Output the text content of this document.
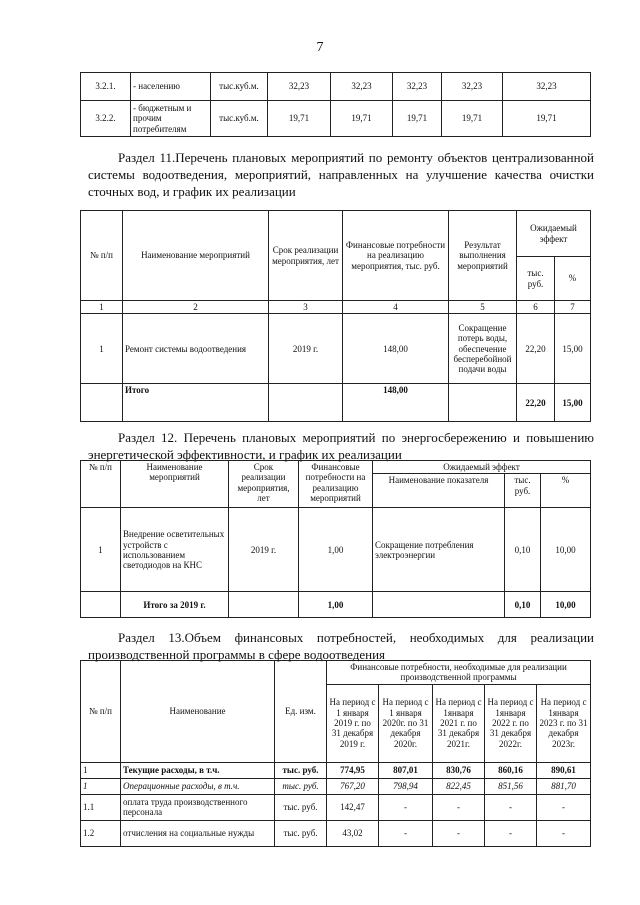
7
3.2.1.	- населению	тыс.куб.м.	32,23	32,23	32,23	32,23	32,23
3.2.2.	- бюджетным и прочим потребителям	тыс.куб.м.	19,71	19,71	19,71	19,71	19,71
Раздел 11.Перечень плановых мероприятий по ремонту объектов централизованной системы водоотведения, мероприятий, направленных на улучшение качества очистки сточных вод, и график их реализации
№ п/п	Наименование мероприятий	Срок реализации мероприятия, лет	Финансовые потребности на реализацию мероприятия, тыс. руб.	Результат выполнения мероприятий	Ожидаемый эффект	
					тыс. руб.	%
1	2	3	4	5	6	7
1	Ремонт системы водоотведения	2019 г.	148,00	Сокращение потерь воды, обеспечение бесперебойной подачи воды	22,20	15,00
	Итого		148,00		22,20	15,00
Раздел 12. Перечень плановых мероприятий по энергосбережению и повышению энергетической эффективности, и график их реализации
№ п/п	Наименование мероприятий	Срок реализации мероприятия, лет	Финансовые потребности на реализацию мероприятий	Ожидаемый эффект		
				Наименование показателя	тыс. руб.	%
1	Внедрение осветительных устройств с использованием светодиодов на КНС	2019 г.	1,00	Сокращение потребления электроэнергии	0,10	10,00
	Итого за 2019 г.		1,00		0,10	10,00
Раздел 13.Объем финансовых потребностей, необходимых для реализации производственной программы в сфере водоотведения
№ п/п	Наименование	Ед. изм.	Финансовые потребности, необходимые для реализации производственной программы				
			На период с 1 января 2019 г. по 31 декабря 2019 г.	На период с 1 января 2020г. по 31 декабря 2020г.	На период с 1января 2021 г. по 31 декабря 2021г.	На период с 1января 2022 г. по 31 декабря 2022г.	На период с 1января 2023 г. по 31 декабря 2023г.
1	Текущие расходы, в т.ч.	тыс. руб.	774,95	807,01	830,76	860,16	890,61
1	Операционные расходы, в т.ч.	тыс. руб.	767,20	798,94	822,45	851,56	881,70
1.1	оплата труда производственного персонала	тыс. руб.	142,47	-	-	-	-
1.2	отчисления на социальные нужды	тыс. руб.	43,02	-	-	-	-
